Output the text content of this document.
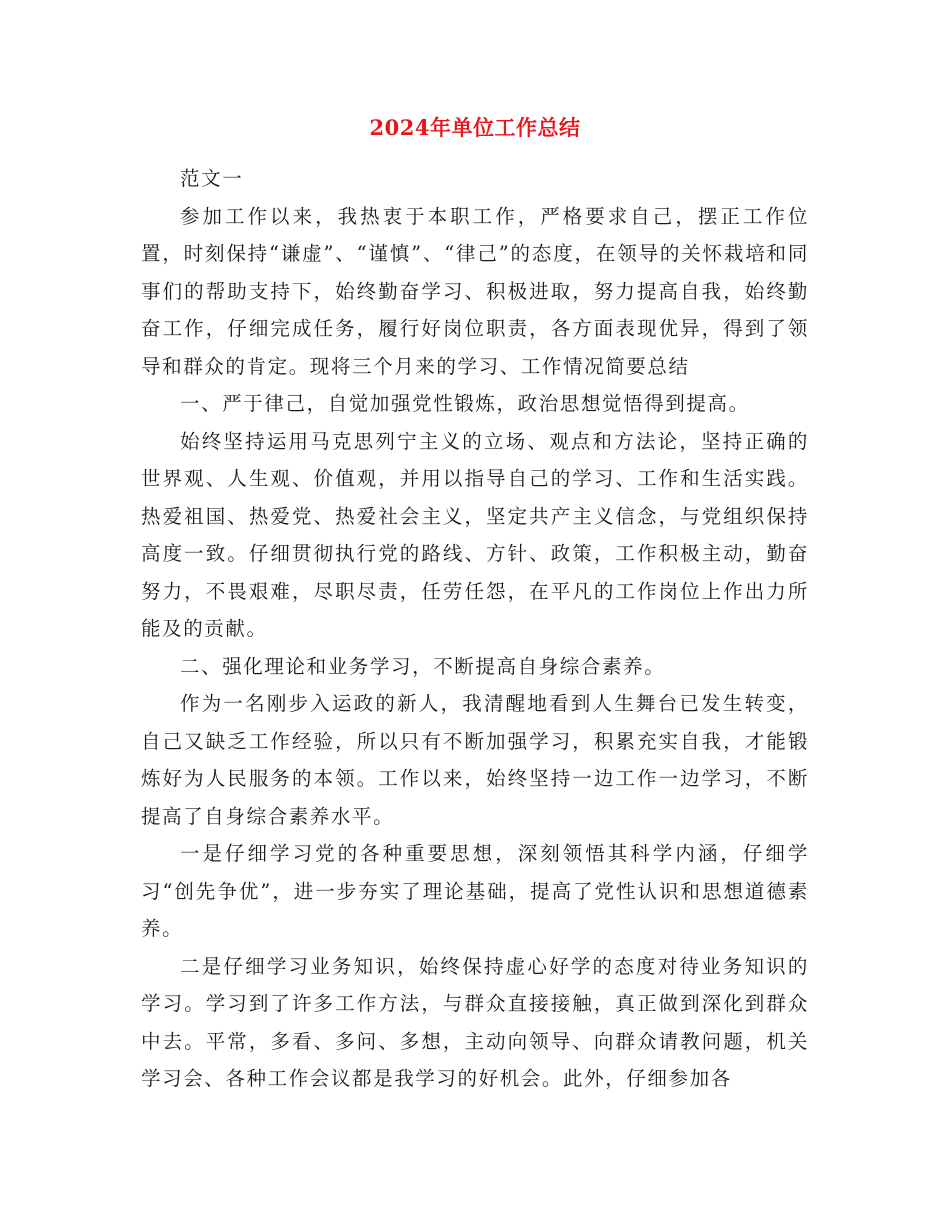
2024年单位工作总结

范文一

参加工作以来，我热衷于本职工作，严格要求自己，摆正工作位置，时刻保持“谦虚”、“谨慎”、“律己”的态度，在领导的关怀栽培和同事们的帮助支持下，始终勤奋学习、积极进取，努力提高自我，始终勤奋工作，仔细完成任务，履行好岗位职责，各方面表现优异，得到了领导和群众的肯定。现将三个月来的学习、工作情况简要总结

一、严于律己，自觉加强党性锻炼，政治思想觉悟得到提高。

始终坚持运用马克思列宁主义的立场、观点和方法论，坚持正确的世界观、人生观、价值观，并用以指导自己的学习、工作和生活实践。热爱祖国、热爱党、热爱社会主义，坚定共产主义信念，与党组织保持高度一致。仔细贯彻执行党的路线、方针、政策，工作积极主动，勤奋努力，不畏艰难，尽职尽责，任劳任怨，在平凡的工作岗位上作出力所能及的贡献。

二、强化理论和业务学习，不断提高自身综合素养。

作为一名刚步入运政的新人，我清醒地看到人生舞台已发生转变，自己又缺乏工作经验，所以只有不断加强学习，积累充实自我，才能锻炼好为人民服务的本领。工作以来，始终坚持一边工作一边学习，不断提高了自身综合素养水平。

一是仔细学习党的各种重要思想，深刻领悟其科学内涵，仔细学习“创先争优”，进一步夯实了理论基础，提高了党性认识和思想道德素养。

二是仔细学习业务知识，始终保持虚心好学的态度对待业务知识的学习。学习到了许多工作方法，与群众直接接触，真正做到深化到群众中去。平常，多看、多问、多想，主动向领导、向群众请教问题，机关学习会、各种工作会议都是我学习的好机会。此外，仔细参加各
